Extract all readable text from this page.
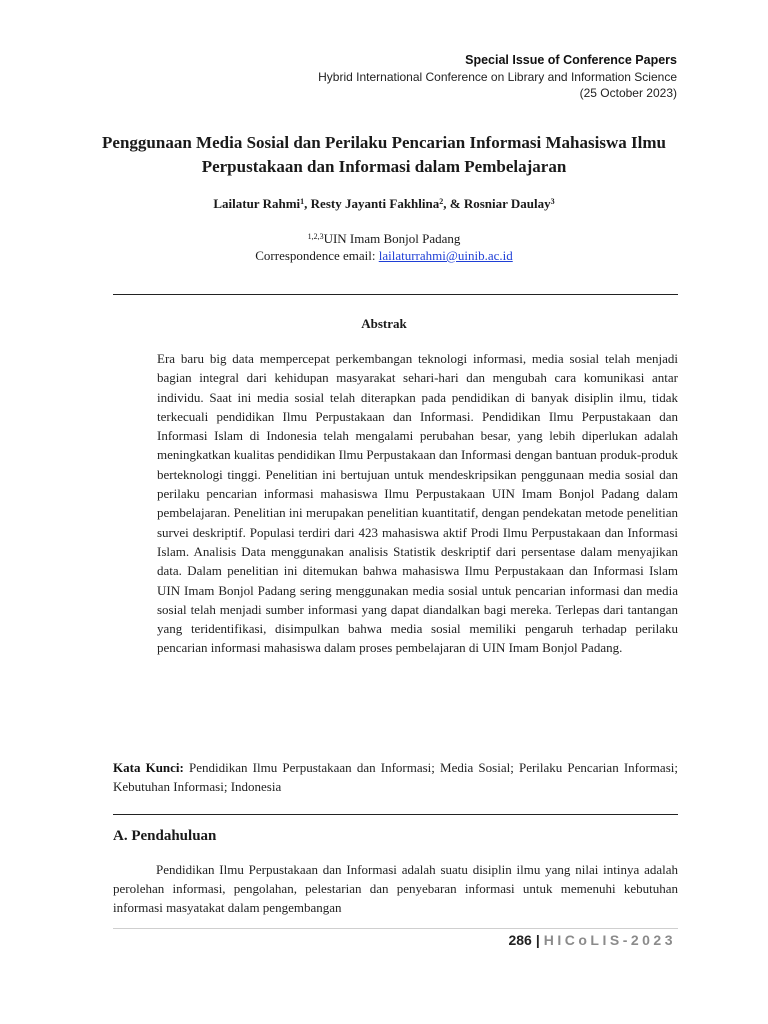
Special Issue of Conference Papers
Hybrid International Conference on Library and Information Science
(25 October 2023)
Penggunaan Media Sosial dan Perilaku Pencarian Informasi Mahasiswa Ilmu Perpustakaan dan Informasi dalam Pembelajaran
Lailatur Rahmi$^1$, Resty Jayanti Fakhlina$^2$, & Rosniar Daulay$^3$
$^{1,2,3}$UIN Imam Bonjol Padang
Correspondence email: lailaturrahmi@uinib.ac.id
Abstrak
Era baru big data mempercepat perkembangan teknologi informasi, media sosial telah menjadi bagian integral dari kehidupan masyarakat sehari-hari dan mengubah cara komunikasi antar individu. Saat ini media sosial telah diterapkan pada pendidikan di banyak disiplin ilmu, tidak terkecuali pendidikan Ilmu Perpustakaan dan Informasi. Pendidikan Ilmu Perpustakaan dan Informasi Islam di Indonesia telah mengalami perubahan besar, yang lebih diperlukan adalah meningkatkan kualitas pendidikan Ilmu Perpustakaan dan Informasi dengan bantuan produk-produk berteknologi tinggi. Penelitian ini bertujuan untuk mendeskripsikan penggunaan media sosial dan perilaku pencarian informasi mahasiswa Ilmu Perpustakaan UIN Imam Bonjol Padang dalam pembelajaran. Penelitian ini merupakan penelitian kuantitatif, dengan pendekatan metode penelitian survei deskriptif. Populasi terdiri dari 423 mahasiswa aktif Prodi Ilmu Perpustakaan dan Informasi Islam. Analisis Data menggunakan analisis Statistik deskriptif dari persentase dalam menyajikan data. Dalam penelitian ini ditemukan bahwa mahasiswa Ilmu Perpustakaan dan Informasi Islam UIN Imam Bonjol Padang sering menggunakan media sosial untuk pencarian informasi dan media sosial telah menjadi sumber informasi yang dapat diandalkan bagi mereka. Terlepas dari tantangan yang teridentifikasi, disimpulkan bahwa media sosial memiliki pengaruh terhadap perilaku pencarian informasi mahasiswa dalam proses pembelajaran di UIN Imam Bonjol Padang.
Kata Kunci: Pendidikan Ilmu Perpustakaan dan Informasi; Media Sosial; Perilaku Pencarian Informasi; Kebutuhan Informasi; Indonesia
A. Pendahuluan
Pendidikan Ilmu Perpustakaan dan Informasi adalah suatu disiplin ilmu yang nilai intinya adalah perolehan informasi, pengolahan, pelestarian dan penyebaran informasi untuk memenuhi kebutuhan informasi masyatakat dalam pengembangan
286 | HICoLIS-2023
